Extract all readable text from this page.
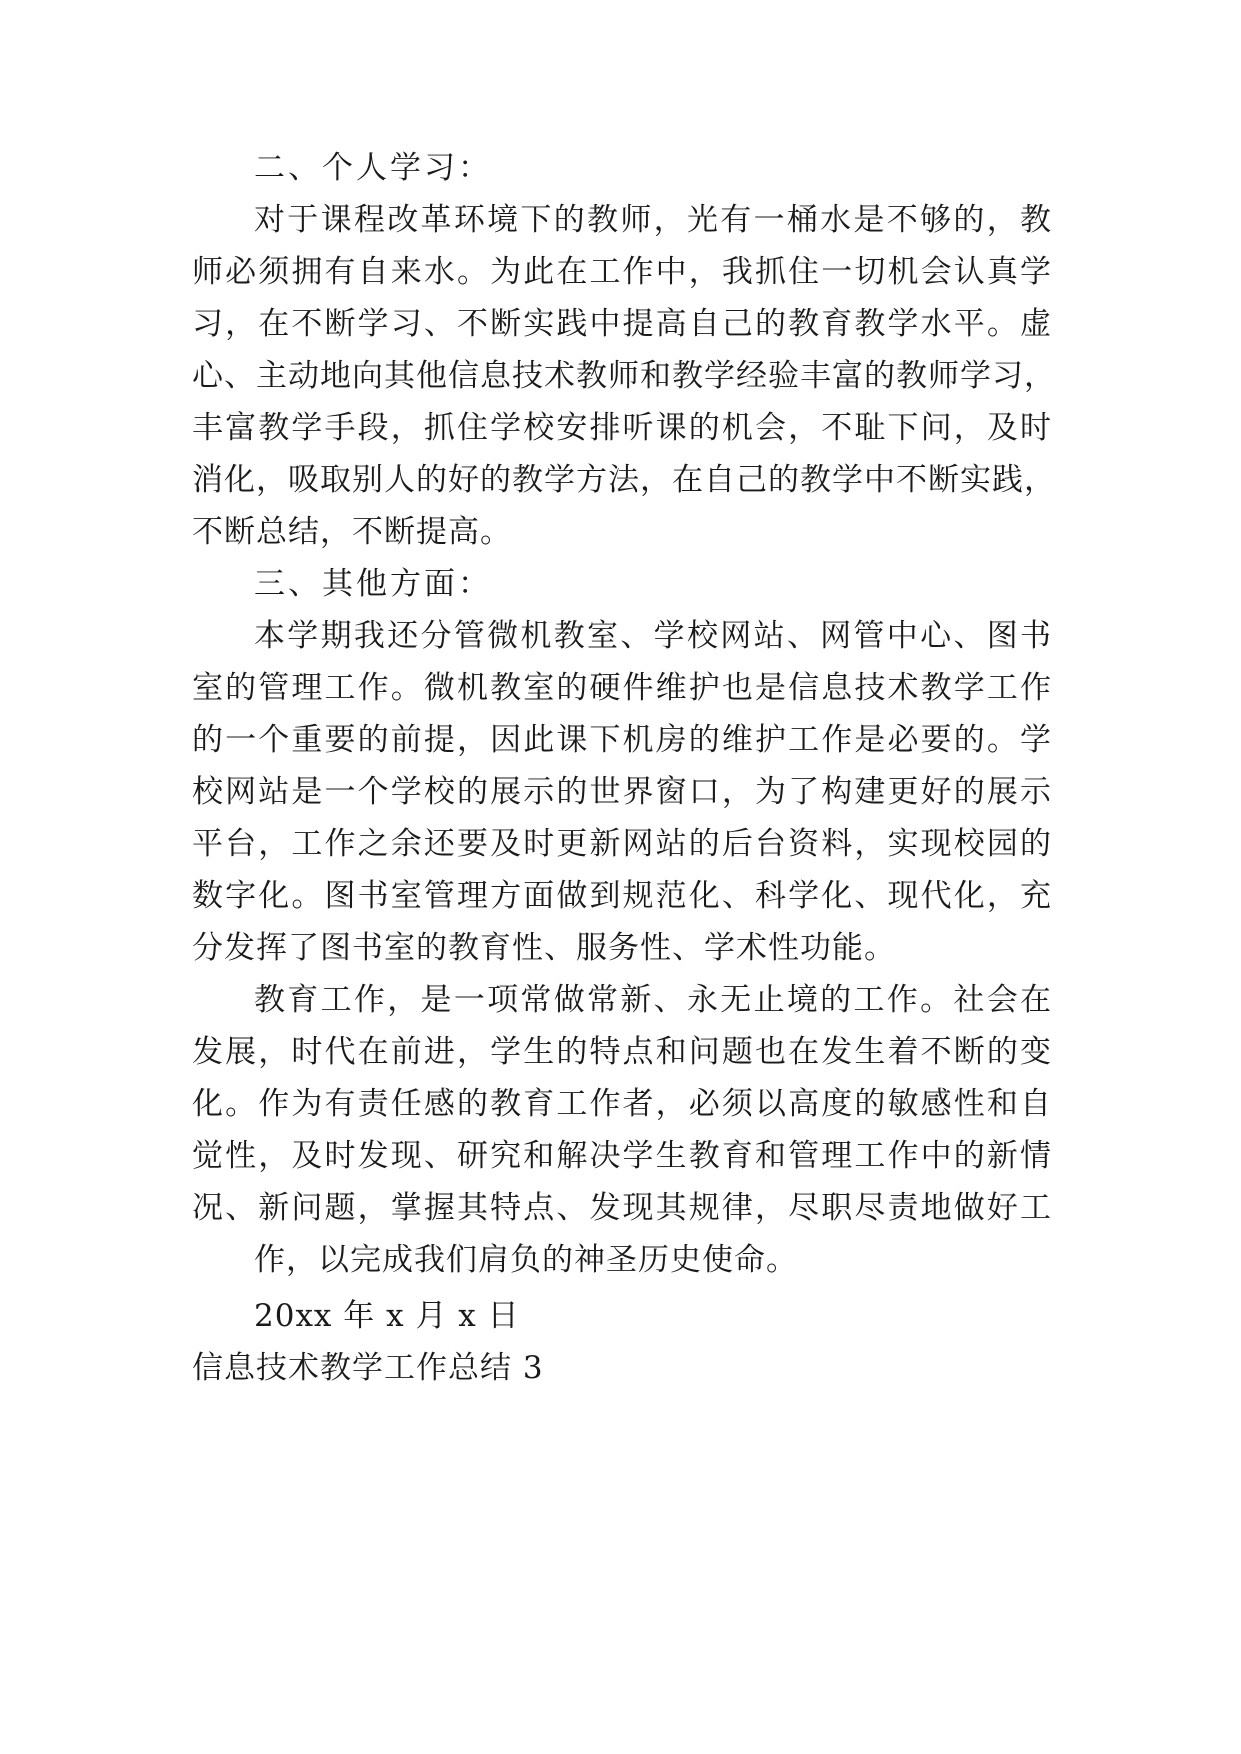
二、个人学习：
对于课程改革环境下的教师，光有一桶水是不够的，教
师必须拥有自来水。为此在工作中，我抓住一切机会认真学
习，在不断学习、不断实践中提高自己的教育教学水平。虚
心、主动地向其他信息技术教师和教学经验丰富的教师学习，
丰富教学手段，抓住学校安排听课的机会，不耻下问，及时
消化，吸取别人的好的教学方法，在自己的教学中不断实践，
不断总结，不断提高。
三、其他方面：
本学期我还分管微机教室、学校网站、网管中心、图书
室的管理工作。微机教室的硬件维护也是信息技术教学工作
的一个重要的前提，因此课下机房的维护工作是必要的。学
校网站是一个学校的展示的世界窗口，为了构建更好的展示
平台，工作之余还要及时更新网站的后台资料，实现校园的
数字化。图书室管理方面做到规范化、科学化、现代化，充
分发挥了图书室的教育性、服务性、学术性功能。
教育工作，是一项常做常新、永无止境的工作。社会在
发展，时代在前进，学生的特点和问题也在发生着不断的变
化。作为有责任感的教育工作者，必须以高度的敏感性和自
觉性，及时发现、研究和解决学生教育和管理工作中的新情
况、新问题，掌握其特点、发现其规律，尽职尽责地做好工
作，以完成我们肩负的神圣历史使命。
20xx 年 x 月 x 日
信息技术教学工作总结 3
